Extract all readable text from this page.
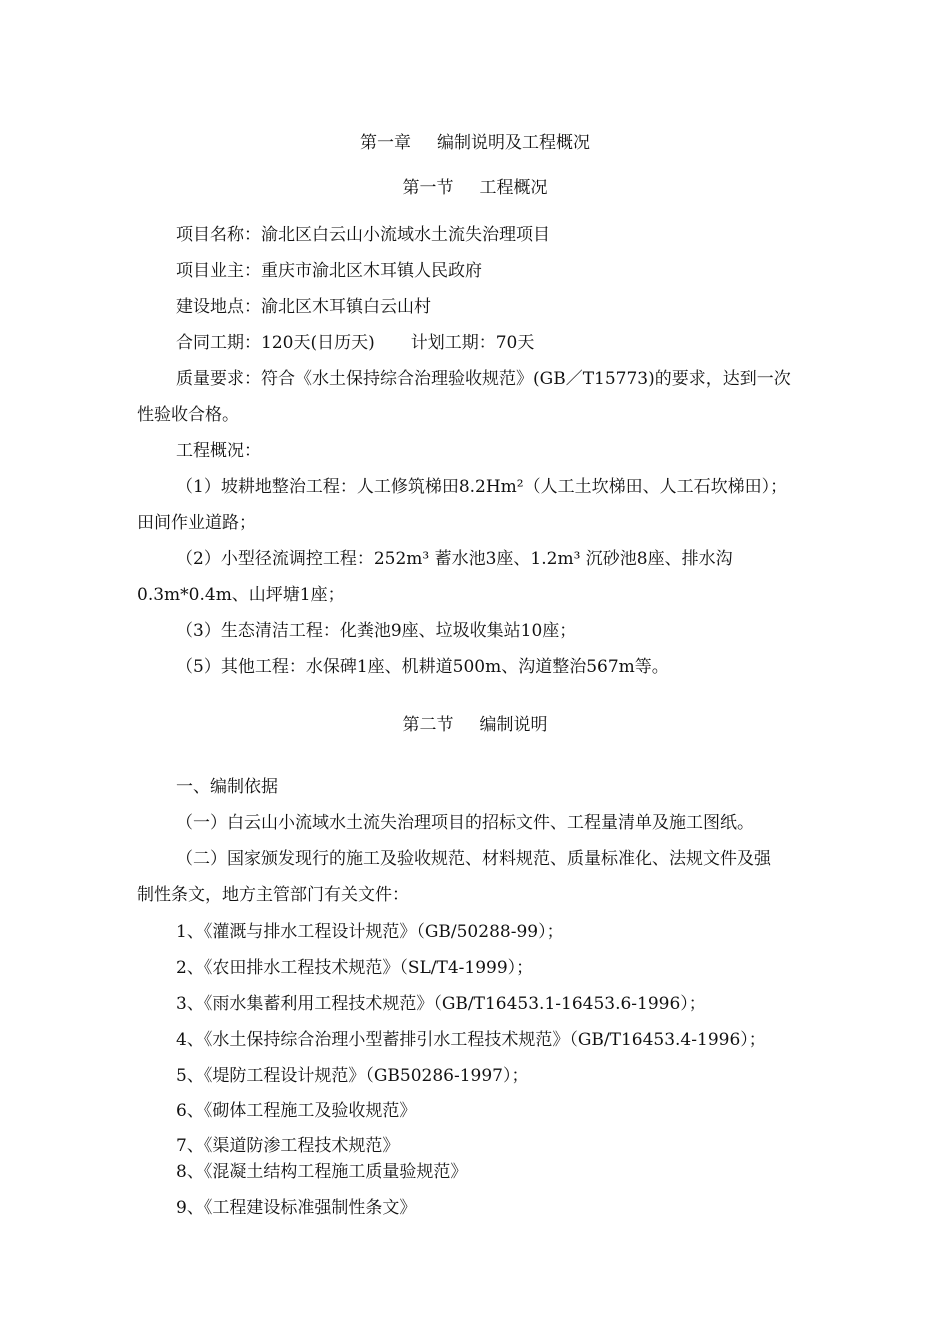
第一章 编制说明及工程概况
第一节 工程概况
项目名称：渝北区白云山小流域水土流失治理项目
项目业主：重庆市渝北区木耳镇人民政府
建设地点：渝北区木耳镇白云山村
合同工期：120天(日历天) 计划工期：70天
质量要求：符合《水土保持综合治理验收规范》(GB／T15773)的要求，达到一次
性验收合格。
工程概况：
（1）坡耕地整治工程：人工修筑梯田8.2Hm²（人工土坎梯田、人工石坎梯田）；
田间作业道路；
（2）小型径流调控工程：252m³ 蓄水池3座、1.2m³ 沉砂池8座、排水沟
0.3m*0.4m、山坪塘1座；
（3）生态清洁工程：化粪池9座、垃圾收集站10座；
（5）其他工程：水保碑1座、机耕道500m、沟道整治567m等。
第二节 编制说明
一、编制依据
（一）白云山小流域水土流失治理项目的招标文件、工程量清单及施工图纸。
（二）国家颁发现行的施工及验收规范、材料规范、质量标准化、法规文件及强
制性条文，地方主管部门有关文件：
1、《灌溉与排水工程设计规范》（GB/50288-99）；
2、《农田排水工程技术规范》（SL/T4-1999）；
3、《雨水集蓄利用工程技术规范》（GB/T16453.1-16453.6-1996）；
4、《水土保持综合治理小型蓄排引水工程技术规范》（GB/T16453.4-1996）；
5、《堤防工程设计规范》（GB50286-1997）；
6、《砌体工程施工及验收规范》
7、《渠道防渗工程技术规范》
8、《混凝土结构工程施工质量验规范》
9、《工程建设标准强制性条文》
